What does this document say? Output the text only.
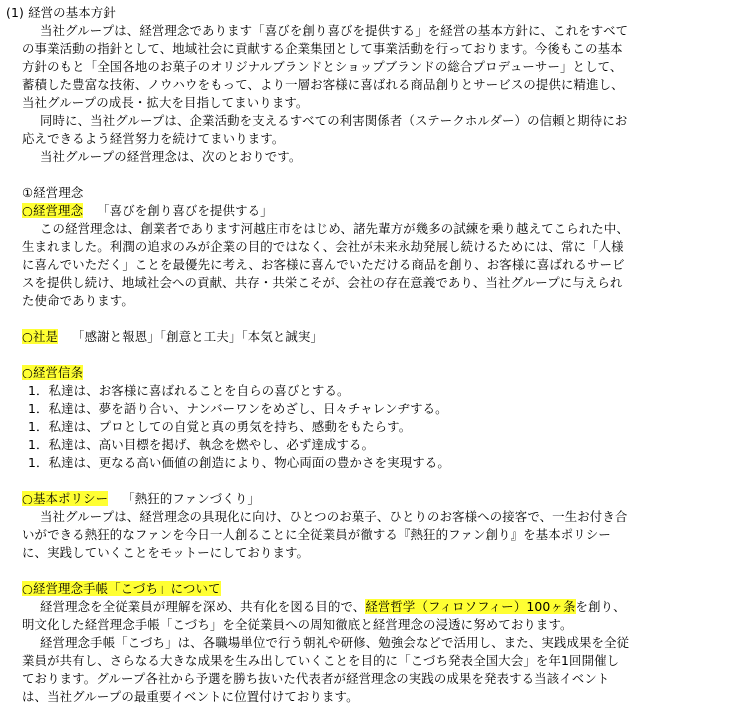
(1) 経営の基本方針
当社グループは、経営理念であります「喜びを創り喜びを提供する」を経営の基本方針に、これをすべて
の事業活動の指針として、地域社会に貢献する企業集団として事業活動を行っております。今後もこの基本
方針のもと「全国各地のお菓子のオリジナルブランドとショップブランドの総合プロデューサー」として、
蓄積した豊富な技術、ノウハウをもって、より一層お客様に喜ばれる商品創りとサービスの提供に精進し、
当社グループの成長・拡大を目指してまいります。
同時に、当社グループは、企業活動を支えるすべての利害関係者（ステークホルダー）の信頼と期待にお
応えできるよう経営努力を続けてまいります。
当社グループの経営理念は、次のとおりです。
①経営理念
○経営理念 「喜びを創り喜びを提供する」
この経営理念は、創業者であります河越庄市をはじめ、諸先輩方が幾多の試練を乗り越えてこられた中、
生まれました。利潤の追求のみが企業の目的ではなく、会社が未来永劫発展し続けるためには、常に「人様
に喜んでいただく」ことを最優先に考え、お客様に喜んでいただける商品を創り、お客様に喜ばれるサービ
スを提供し続け、地域社会への貢献、共存・共栄こそが、会社の存在意義であり、当社グループに与えられ
た使命であります。
○社是 「感謝と報恩」「創意と工夫」「本気と誠実」
○経営信条
1．私達は、お客様に喜ばれることを自らの喜びとする。
1．私達は、夢を語り合い、ナンバーワンをめざし、日々チャレンヂする。
1．私達は、プロとしての自覚と真の勇気を持ち、感動をもたらす。
1．私達は、高い目標を掲げ、執念を燃やし、必ず達成する。
1．私達は、更なる高い価値の創造により、物心両面の豊かさを実現する。
○基本ポリシー 「熱狂的ファンづくり」
当社グループは、経営理念の具現化に向け、ひとつのお菓子、ひとりのお客様への接客で、一生お付き合
いができる熱狂的なファンを今日一人創ることに全従業員が徹する『熱狂的ファン創り』を基本ポリシー
に、実践していくことをモットーにしております。
○経営理念手帳「こづち」について
経営理念を全従業員が理解を深め、共有化を図る目的で、経営哲学（フィロソフィー）100ヶ条を創り、
明文化した経営理念手帳「こづち」を全従業員への周知徹底と経営理念の浸透に努めております。
経営理念手帳「こづち」は、各職場単位で行う朝礼や研修、勉強会などで活用し、また、実践成果を全従
業員が共有し、さらなる大きな成果を生み出していくことを目的に「こづち発表全国大会」を年1回開催し
ております。グループ各社から予選を勝ち抜いた代表者が経営理念の実践の成果を発表する当該イベント
は、当社グループの最重要イベントに位置付けております。
